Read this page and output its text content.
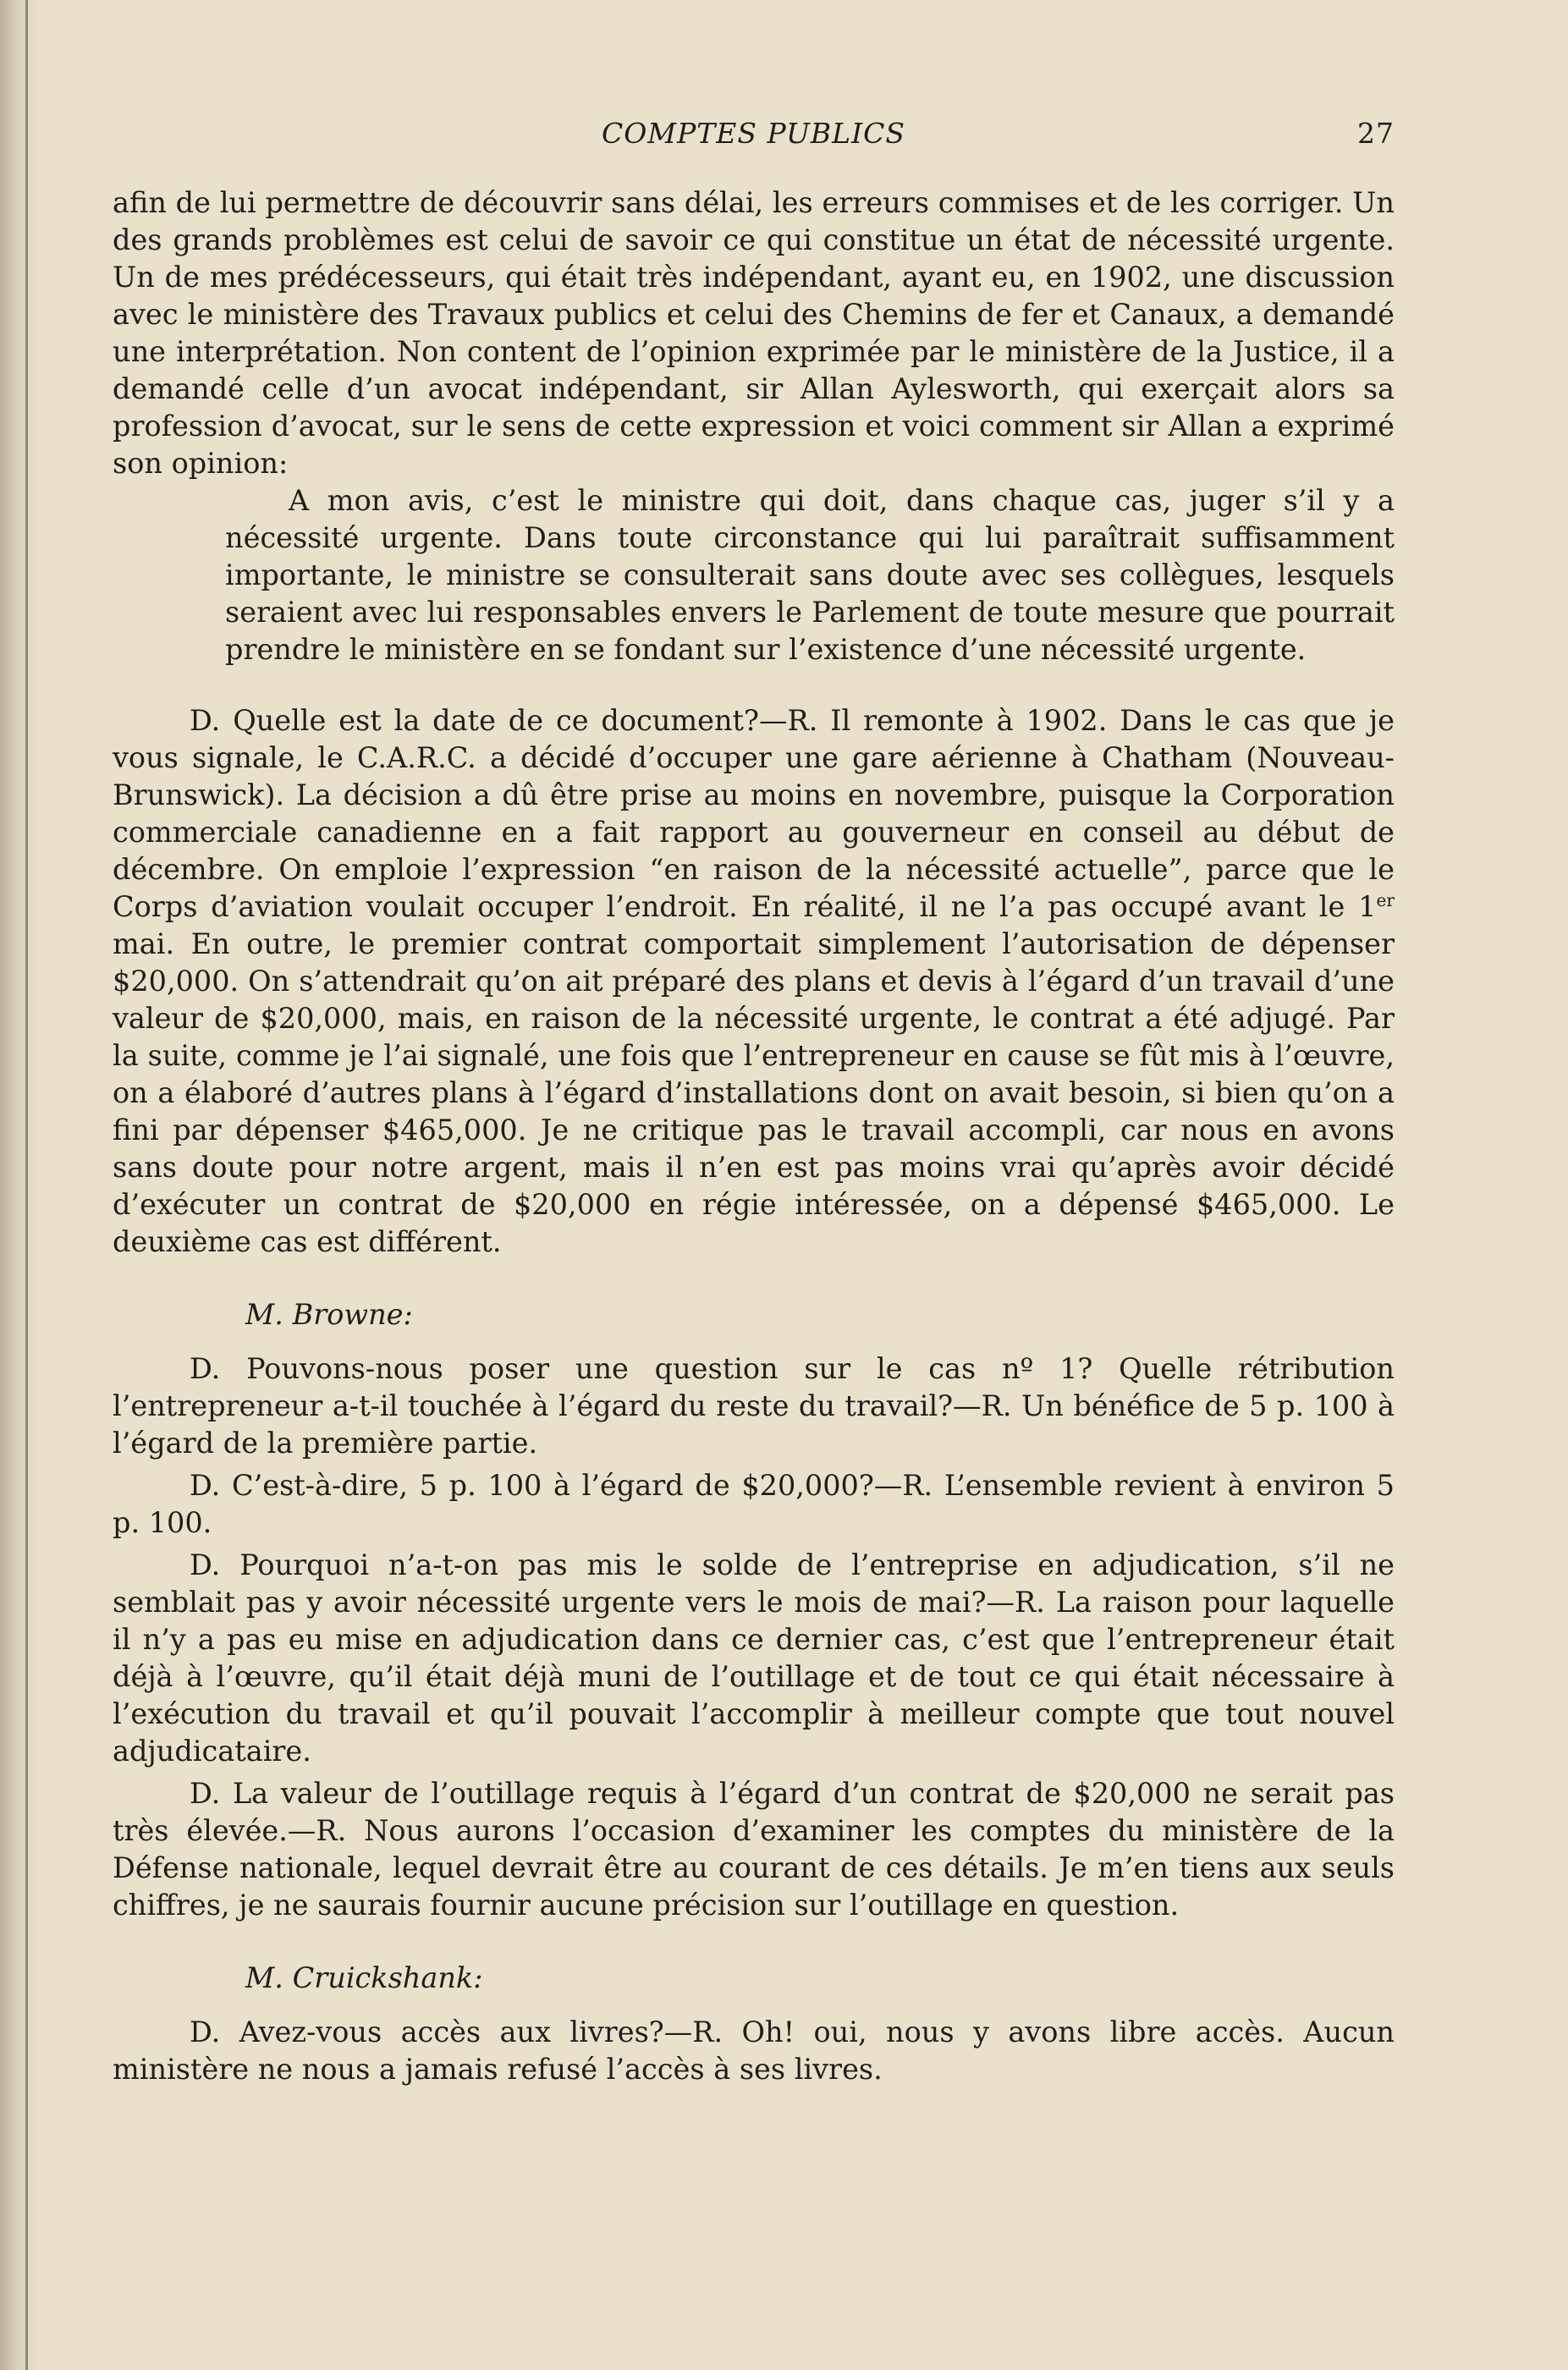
COMPTES PUBLICS	27

afin de lui permettre de découvrir sans délai, les erreurs commises et de les corriger. Un des grands problèmes est celui de savoir ce qui constitue un état de nécessité urgente. Un de mes prédécesseurs, qui était très indépendant, ayant eu, en 1902, une discussion avec le ministère des Travaux publics et celui des Chemins de fer et Canaux, a demandé une interprétation. Non content de l’opinion exprimée par le ministère de la Justice, il a demandé celle d’un avocat indépendant, sir Allan Aylesworth, qui exerçait alors sa profession d’avocat, sur le sens de cette expression et voici comment sir Allan a exprimé son opinion:

A mon avis, c’est le ministre qui doit, dans chaque cas, juger s’il y a nécessité urgente. Dans toute circonstance qui lui paraîtrait suffisamment importante, le ministre se consulterait sans doute avec ses collègues, lesquels seraient avec lui responsables envers le Parlement de toute mesure que pourrait prendre le ministère en se fondant sur l’existence d’une nécessité urgente.

D. Quelle est la date de ce document?—R. Il remonte à 1902. Dans le cas que je vous signale, le C.A.R.C. a décidé d’occuper une gare aérienne à Chatham (Nouveau-Brunswick). La décision a dû être prise au moins en novembre, puisque la Corporation commerciale canadienne en a fait rapport au gouverneur en conseil au début de décembre. On emploie l’expression “en raison de la nécessité actuelle”, parce que le Corps d’aviation voulait occuper l’endroit. En réalité, il ne l’a pas occupé avant le 1er mai. En outre, le premier contrat comportait simplement l’autorisation de dépenser $20,000. On s’attendrait qu’on ait préparé des plans et devis à l’égard d’un travail d’une valeur de $20,000, mais, en raison de la nécessité urgente, le contrat a été adjugé. Par la suite, comme je l’ai signalé, une fois que l’entrepreneur en cause se fût mis à l’œuvre, on a élaboré d’autres plans à l’égard d’installations dont on avait besoin, si bien qu’on a fini par dépenser $465,000. Je ne critique pas le travail accompli, car nous en avons sans doute pour notre argent, mais il n’en est pas moins vrai qu’après avoir décidé d’exécuter un contrat de $20,000 en régie intéressée, on a dépensé $465,000. Le deuxième cas est différent.

M. Browne:

D. Pouvons-nous poser une question sur le cas nº 1? Quelle rétribution l’entrepreneur a-t-il touchée à l’égard du reste du travail?—R. Un bénéfice de 5 p. 100 à l’égard de la première partie.

D. C’est-à-dire, 5 p. 100 à l’égard de $20,000?—R. L’ensemble revient à environ 5 p. 100.

D. Pourquoi n’a-t-on pas mis le solde de l’entreprise en adjudication, s’il ne semblait pas y avoir nécessité urgente vers le mois de mai?—R. La raison pour laquelle il n’y a pas eu mise en adjudication dans ce dernier cas, c’est que l’entrepreneur était déjà à l’œuvre, qu’il était déjà muni de l’outillage et de tout ce qui était nécessaire à l’exécution du travail et qu’il pouvait l’accomplir à meilleur compte que tout nouvel adjudicataire.

D. La valeur de l’outillage requis à l’égard d’un contrat de $20,000 ne serait pas très élevée.—R. Nous aurons l’occasion d’examiner les comptes du ministère de la Défense nationale, lequel devrait être au courant de ces détails. Je m’en tiens aux seuls chiffres, je ne saurais fournir aucune précision sur l’outillage en question.

M. Cruickshank:

D. Avez-vous accès aux livres?—R. Oh! oui, nous y avons libre accès. Aucun ministère ne nous a jamais refusé l’accès à ses livres.
